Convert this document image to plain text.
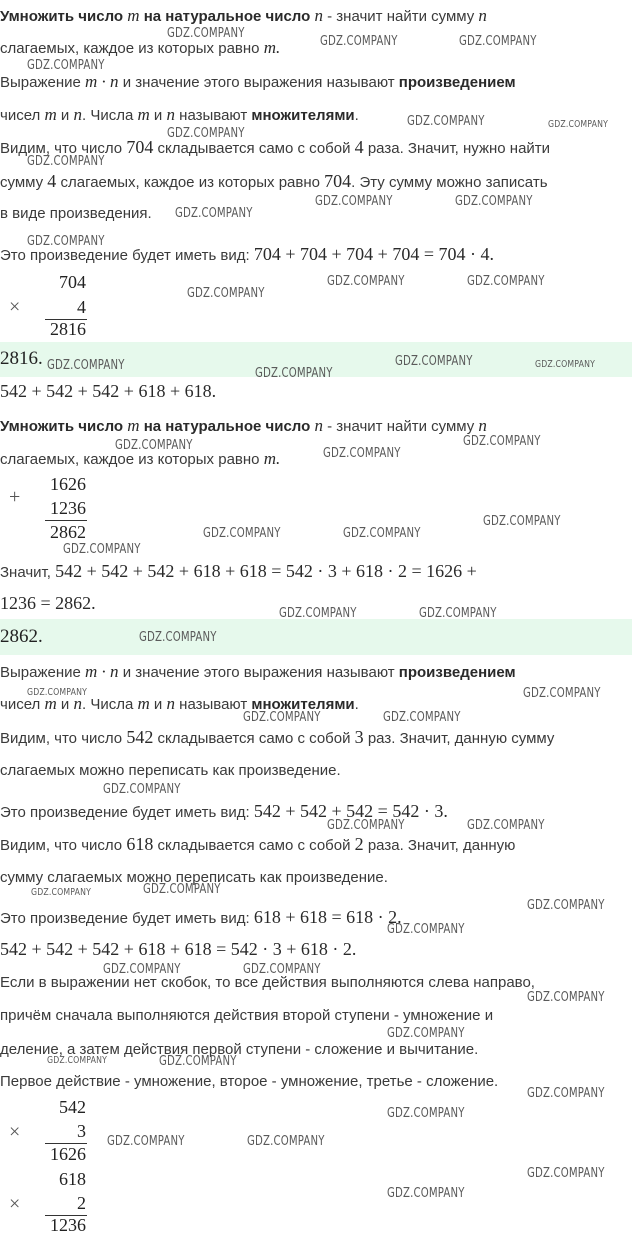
Умножить число m на натуральное число n - значит найти сумму n
слагаемых, каждое из которых равно m.
Выражение m · n и значение этого выражения называют произведением
чисел m и n. Числа m и n называют множителями.
Видим, что число 704 складывается само с собой 4 раза. Значит, нужно найти
сумму 4 слагаемых, каждое из которых равно 704. Эту сумму можно записать
в виде произведения.
Это произведение будет иметь вид: 704 + 704 + 704 + 704 = 704 · 4.
×
704
4
2816
2816.
542 + 542 + 542 + 618 + 618.
Умножить число m на натуральное число n - значит найти сумму n
слагаемых, каждое из которых равно m.
+
1626
1236
2862
Значит, 542 + 542 + 542 + 618 + 618 = 542 · 3 + 618 · 2 = 1626 +
1236 = 2862.
2862.
Выражение m · n и значение этого выражения называют произведением
чисел m и n. Числа m и n называют множителями.
Видим, что число 542 складывается само с собой 3 раз. Значит, данную сумму
слагаемых можно переписать как произведение.
Это произведение будет иметь вид: 542 + 542 + 542 = 542 · 3.
Видим, что число 618 складывается само с собой 2 раза. Значит, данную
сумму слагаемых можно переписать как произведение.
Это произведение будет иметь вид: 618 + 618 = 618 · 2.
542 + 542 + 542 + 618 + 618 = 542 · 3 + 618 · 2.
Если в выражении нет скобок, то все действия выполняются слева направо,
причём сначала выполняются действия второй ступени - умножение и
деление, а затем действия первой ступени - сложение и вычитание.
Первое действие - умножение, второе - умножение, третье - сложение.
×
542
3
1626
×
618
2
1236
GDZ.COMPANY
GDZ.COMPANY	GDZ.COMPANY
GDZ.COMPANY
GDZ.COMPANY	GDZ.COMPANY
GDZ.COMPANY
GDZ.COMPANY
GDZ.COMPANY	GDZ.COMPANY
GDZ.COMPANY
GDZ.COMPANY
GDZ.COMPANY	GDZ.COMPANY
GDZ.COMPANY
GDZ.COMPANY	GDZ.COMPANY	GDZ.COMPANY
GDZ.COMPANY
GDZ.COMPANY
GDZ.COMPANY
GDZ.COMPANY
GDZ.COMPANY
GDZ.COMPANY	GDZ.COMPANY
GDZ.COMPANY
GDZ.COMPANY	GDZ.COMPANY
GDZ.COMPANY
GDZ.COMPANY	GDZ.COMPANY
GDZ.COMPANY	GDZ.COMPANY
GDZ.COMPANY
GDZ.COMPANY	GDZ.COMPANY
GDZ.COMPANY	GDZ.COMPANY
GDZ.COMPANY
GDZ.COMPANY
GDZ.COMPANY	GDZ.COMPANY
GDZ.COMPANY
GDZ.COMPANY
GDZ.COMPANY	GDZ.COMPANY
GDZ.COMPANY
GDZ.COMPANY
GDZ.COMPANY	GDZ.COMPANY
GDZ.COMPANY
GDZ.COMPANY
